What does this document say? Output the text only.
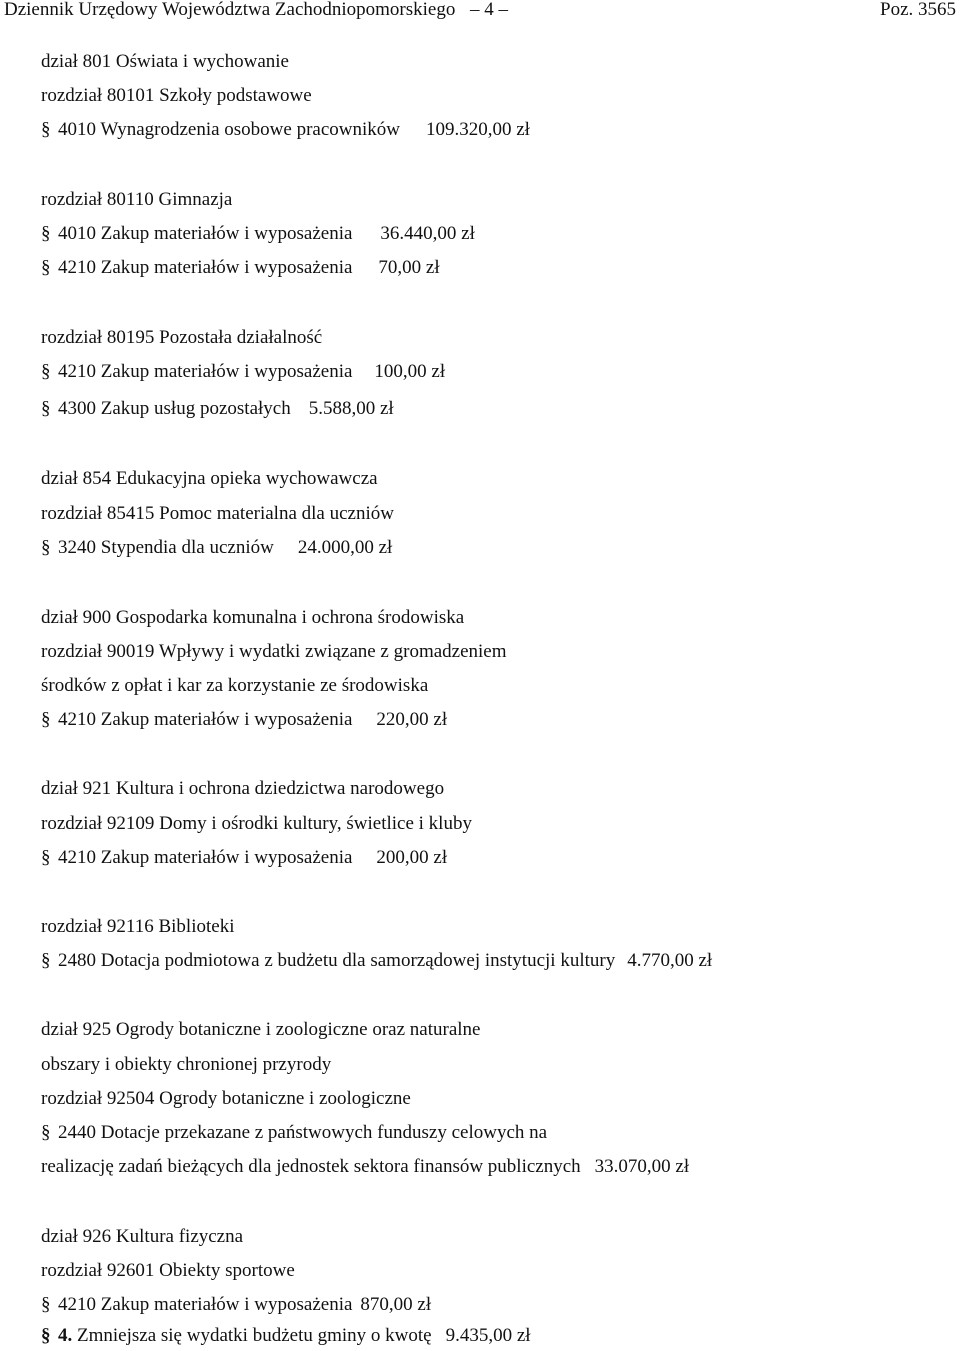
Dziennik Urzędowy Województwa Zachodniopomorskiego – 4 –	Poz. 3565
dział 801 Oświata i wychowanie
rozdział 80101 Szkoły podstawowe
§ 4010 Wynagrodzenia osobowe pracowników 109.320,00 zł
rozdział 80110 Gimnazja
§ 4010 Zakup materiałów i wyposażenia 36.440,00 zł
§ 4210 Zakup materiałów i wyposażenia 70,00 zł
rozdział 80195 Pozostała działalność
§ 4210 Zakup materiałów i wyposażenia 100,00 zł
§ 4300 Zakup usług pozostałych 5.588,00 zł
dział 854 Edukacyjna opieka wychowawcza
rozdział 85415 Pomoc materialna dla uczniów
§ 3240 Stypendia dla uczniów 24.000,00 zł
dział 900 Gospodarka komunalna i ochrona środowiska
rozdział 90019 Wpływy i wydatki związane z gromadzeniem
środków z opłat i kar za korzystanie ze środowiska
§ 4210 Zakup materiałów i wyposażenia 220,00 zł
dział 921 Kultura i ochrona dziedzictwa narodowego
rozdział 92109 Domy i ośrodki kultury, świetlice i kluby
§ 4210 Zakup materiałów i wyposażenia 200,00 zł
rozdział 92116 Biblioteki
§ 2480 Dotacja podmiotowa z budżetu dla samorządowej instytucji kultury 4.770,00 zł
dział 925 Ogrody botaniczne i zoologiczne oraz naturalne
obszary i obiekty chronionej przyrody
rozdział 92504 Ogrody botaniczne i zoologiczne
§ 2440 Dotacje przekazane z państwowych funduszy celowych na
realizację zadań bieżących dla jednostek sektora finansów publicznych 33.070,00 zł
dział 926 Kultura fizyczna
rozdział 92601 Obiekty sportowe
§ 4210 Zakup materiałów i wyposażenia 870,00 zł
§ 4. Zmniejsza się wydatki budżetu gminy o kwotę 9.435,00 zł
